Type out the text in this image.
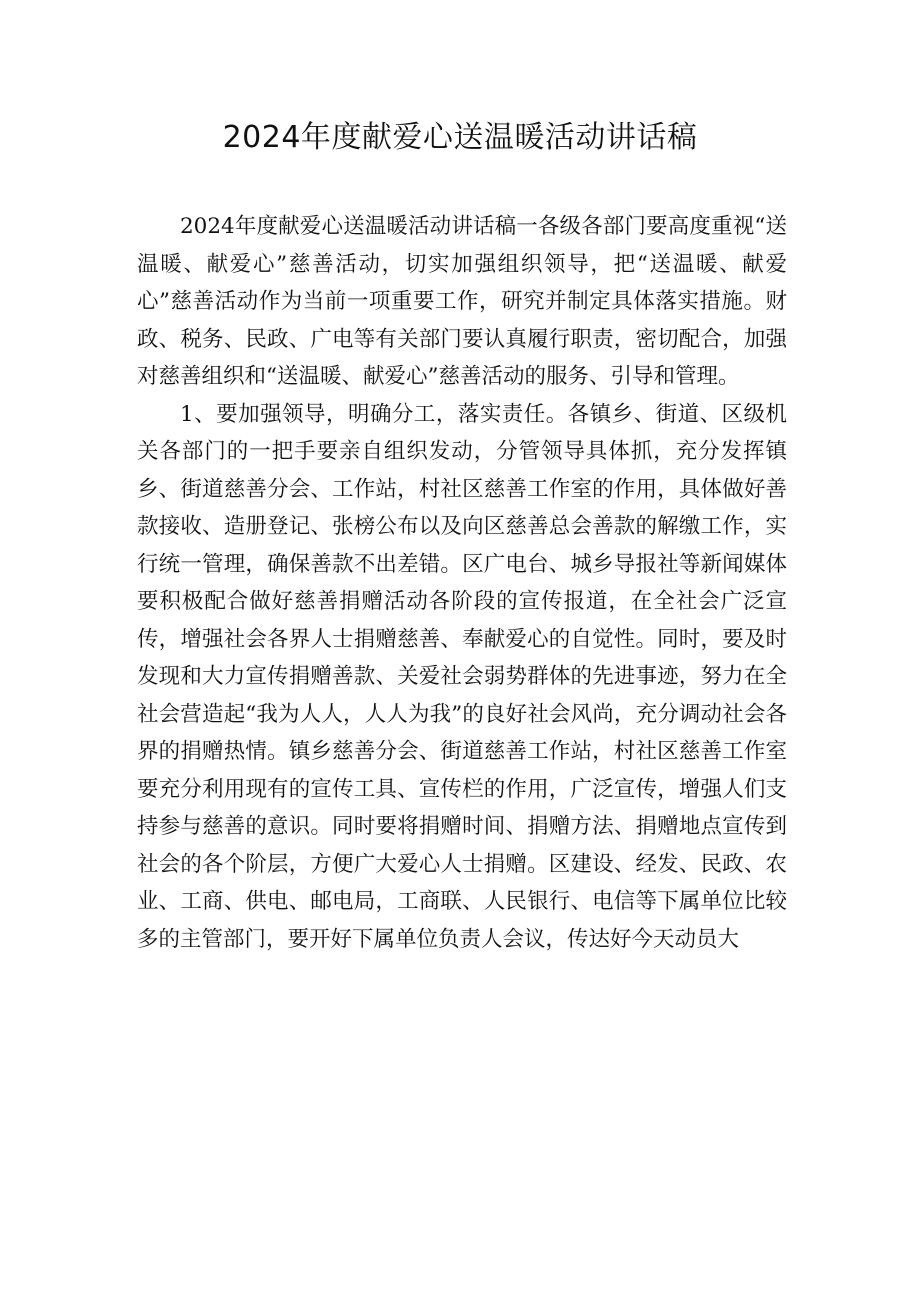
2024年度献爱心送温暖活动讲话稿

2024年度献爱心送温暖活动讲话稿一各级各部门要高度重视“送温暖、献爱心”慈善活动，切实加强组织领导，把“送温暖、献爱心”慈善活动作为当前一项重要工作，研究并制定具体落实措施。财政、税务、民政、广电等有关部门要认真履行职责，密切配合，加强对慈善组织和“送温暖、献爱心”慈善活动的服务、引导和管理。

1、要加强领导，明确分工，落实责任。各镇乡、街道、区级机关各部门的一把手要亲自组织发动，分管领导具体抓，充分发挥镇乡、街道慈善分会、工作站，村社区慈善工作室的作用，具体做好善款接收、造册登记、张榜公布以及向区慈善总会善款的解缴工作，实行统一管理，确保善款不出差错。区广电台、城乡导报社等新闻媒体要积极配合做好慈善捐赠活动各阶段的宣传报道，在全社会广泛宣传，增强社会各界人士捐赠慈善、奉献爱心的自觉性。同时，要及时发现和大力宣传捐赠善款、关爱社会弱势群体的先进事迹，努力在全社会营造起“我为人人，人人为我”的良好社会风尚，充分调动社会各界的捐赠热情。镇乡慈善分会、街道慈善工作站，村社区慈善工作室要充分利用现有的宣传工具、宣传栏的作用，广泛宣传，增强人们支持参与慈善的意识。同时要将捐赠时间、捐赠方法、捐赠地点宣传到社会的各个阶层，方便广大爱心人士捐赠。区建设、经发、民政、农业、工商、供电、邮电局，工商联、人民银行、电信等下属单位比较多的主管部门，要开好下属单位负责人会议，传达好今天动员大
